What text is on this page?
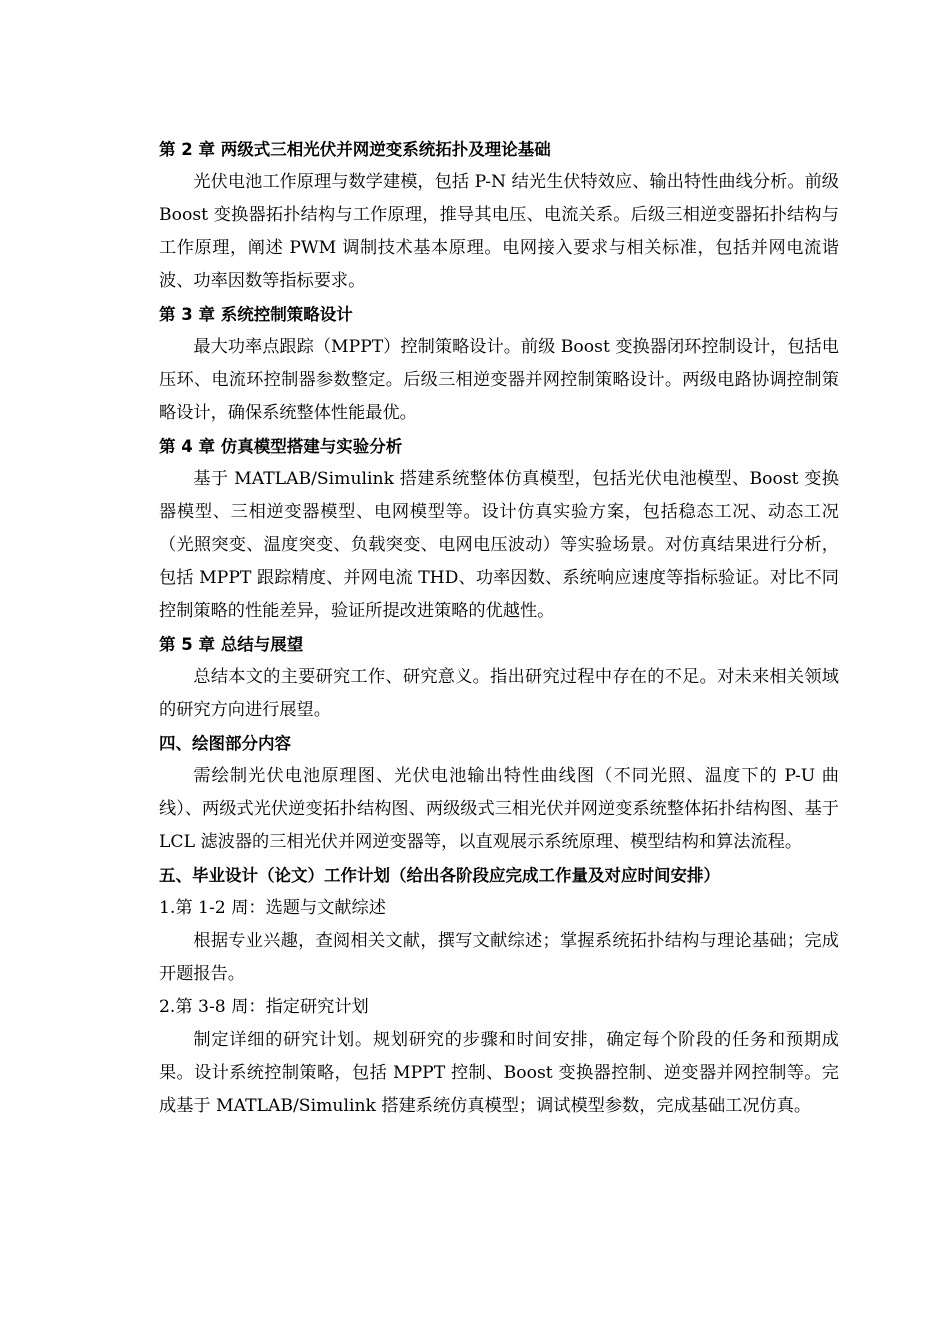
第 2 章 两级式三相光伏并网逆变系统拓扑及理论基础

光伏电池工作原理与数学建模，包括 P-N 结光生伏特效应、输出特性曲线分析。前级 Boost 变换器拓扑结构与工作原理，推导其电压、电流关系。后级三相逆变器拓扑结构与工作原理，阐述 PWM 调制技术基本原理。电网接入要求与相关标准，包括并网电流谐波、功率因数等指标要求。

第 3 章 系统控制策略设计

最大功率点跟踪（MPPT）控制策略设计。前级 Boost 变换器闭环控制设计，包括电压环、电流环控制器参数整定。后级三相逆变器并网控制策略设计。两级电路协调控制策略设计，确保系统整体性能最优。

第 4 章 仿真模型搭建与实验分析

基于 MATLAB/Simulink 搭建系统整体仿真模型，包括光伏电池模型、Boost 变换器模型、三相逆变器模型、电网模型等。设计仿真实验方案，包括稳态工况、动态工况（光照突变、温度突变、负载突变、电网电压波动）等实验场景。对仿真结果进行分析，包括 MPPT 跟踪精度、并网电流 THD、功率因数、系统响应速度等指标验证。对比不同控制策略的性能差异，验证所提改进策略的优越性。

第 5 章 总结与展望

总结本文的主要研究工作、研究意义。指出研究过程中存在的不足。对未来相关领域的研究方向进行展望。

四、绘图部分内容

需绘制光伏电池原理图、光伏电池输出特性曲线图（不同光照、温度下的 P-U 曲线）、两级式光伏逆变拓扑结构图、两级级式三相光伏并网逆变系统整体拓扑结构图、基于 LCL 滤波器的三相光伏并网逆变器等，以直观展示系统原理、模型结构和算法流程。

五、毕业设计（论文）工作计划（给出各阶段应完成工作量及对应时间安排）
1.第 1-2 周：选题与文献综述

根据专业兴趣，查阅相关文献，撰写文献综述；掌握系统拓扑结构与理论基础；完成开题报告。

2.第 3-8 周：指定研究计划

制定详细的研究计划。规划研究的步骤和时间安排，确定每个阶段的任务和预期成果。设计系统控制策略，包括 MPPT 控制、Boost 变换器控制、逆变器并网控制等。完成基于 MATLAB/Simulink 搭建系统仿真模型；调试模型参数，完成基础工况仿真。
